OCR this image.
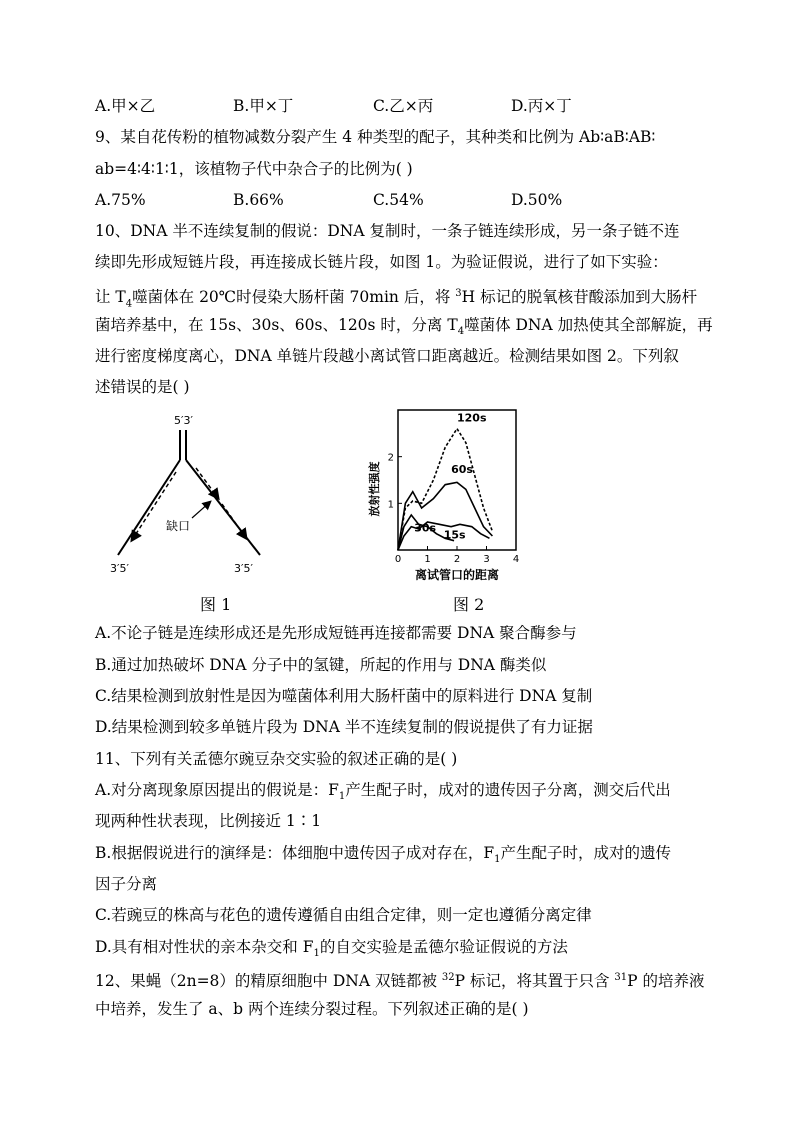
A.甲×乙	B.甲×丁	C.乙×丙	D.丙×丁
9、某自花传粉的植物减数分裂产生 4 种类型的配子，其种类和比例为 Ab∶aB∶AB∶
ab=4∶4∶1∶1，该植物子代中杂合子的比例为( )
A.75%	B.66%	C.54%	D.50%
10、DNA 半不连续复制的假说：DNA 复制时，一条子链连续形成，另一条子链不连
续即先形成短链片段，再连接成长链片段，如图 1。为验证假说，进行了如下实验：
让 $T_4$噬菌体在 20℃时侵染大肠杆菌 70min 后，将 $^3$H 标记的脱氧核苷酸添加到大肠杆
菌培养基中，在 15s、30s、60s、120s 时，分离 $T_4$噬菌体 DNA 加热使其全部解旋，再
进行密度梯度离心，DNA 单链片段越小离试管口距离越近。检测结果如图 2。下列叙
述错误的是( )
5′3′
3′5′	3′5′
缺口
图 1
0 1 2 3 4
1
2
120s
60s
30s
15s
放射性强度
离试管口的距离
图 2
A.不论子链是连续形成还是先形成短链再连接都需要 DNA 聚合酶参与
B.通过加热破坏 DNA 分子中的氢键，所起的作用与 DNA 酶类似
C.结果检测到放射性是因为噬菌体利用大肠杆菌中的原料进行 DNA 复制
D.结果检测到较多单链片段为 DNA 半不连续复制的假说提供了有力证据
11、下列有关孟德尔豌豆杂交实验的叙述正确的是( )
A.对分离现象原因提出的假说是：$F_1$产生配子时，成对的遗传因子分离，测交后代出
现两种性状表现，比例接近 1∶1
B.根据假说进行的演绎是：体细胞中遗传因子成对存在，$F_1$产生配子时，成对的遗传
因子分离
C.若豌豆的株高与花色的遗传遵循自由组合定律，则一定也遵循分离定律
D.具有相对性状的亲本杂交和 $F_1$的自交实验是孟德尔验证假说的方法
12、果蝇（2n=8）的精原细胞中 DNA 双链都被 $^{32}$P 标记，将其置于只含 $^{31}$P 的培养液
中培养，发生了 a、b 两个连续分裂过程。下列叙述正确的是( )
